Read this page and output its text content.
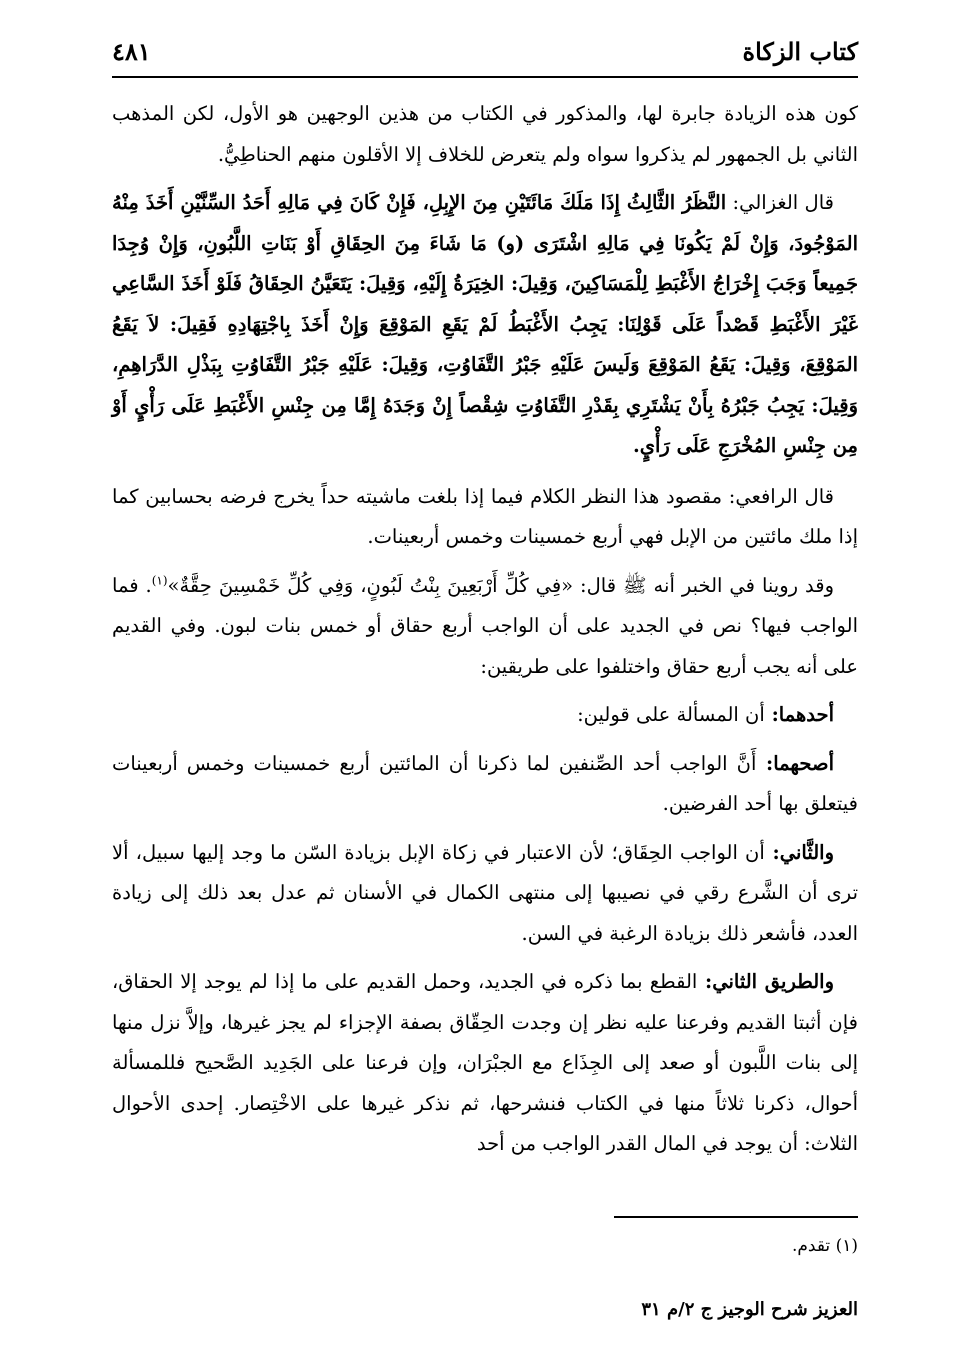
كتاب الزكاة
٤٨١

كون هذه الزيادة جابرة لها، والمذكور في الكتاب من هذين الوجهين هو الأول، لكن المذهب الثاني بل الجمهور لم يذكروا سواه ولم يتعرض للخلاف إلا الأقلون منهم الحناطِيُّ.

قال الغزالي: النَّظَرُ الثَّالِثُ إِذَا مَلَكَ مَائَتَيْنِ مِنَ الإِبِلِ، فَإِنْ كَانَ فِي مَالِهِ أَحَدُ السِّنَّيْنِ أَخَذَ مِنْهُ المَوْجُودَ، وَإِنْ لَمْ يَكُونَا فِي مَالِهِ اشْتَرَى (و) مَا شَاءَ مِنَ الحِقَاقِ أَوْ بَنَاتِ اللَّبُونِ، وَإِنْ وُجِدَا جَمِيعاً وَجَبَ إِخْرَاجُ الأَغْبَطِ لِلْمَسَاكِينَ، وَقِيلَ: الخِيَرَةُ إِلَيْهِ، وَقِيلَ: يَتَعَيَّنُ الحِقَاقُ فَلَوْ أَخَذَ السَّاعِي غَيْرَ الأَغْبَطِ قَصْداً عَلَى قَوْلِنَا: يَجِبُ الأَغْبَطُ لَمْ يَقَعِ المَوْقِعَ وَإِنْ أَخَذَ بِاجْتِهَادِهِ فَقِيلَ: لاَ يَقَعُ المَوْقِعَ، وَقِيلَ: يَقَعُ المَوْقِعَ وَلَيسَ عَلَيْهِ جَبْرُ التَّفَاوُتِ، وَقِيلَ: عَلَيْهِ جَبْرُ التَّفَاوُتِ بِبَذْلِ الدَّرَاهِمِ، وَقِيلَ: يَجِبُ جَبْرُهُ بِأَنْ يَشْتَرِي بِقَدْرِ التَّفَاوُتِ شِقْصاً إِنْ وَجَدَهُ إِمَّا مِن جِنْسِ الأَغْبَطِ عَلَى رَأْيٍ أَوْ مِن جِنْسِ المُخْرَجِ عَلَى رَأْيٍ.

قال الرافعي: مقصود هذا النظر الكلام فيما إذا بلغت ماشيته حداً يخرج فرضه بحسابين كما إذا ملك مائتين من الإبل فهي أربع خمسينات وخمس أربعينات.

وقد روينا في الخبر أنه ﷺ قال: «فِي كُلِّ أَرْبَعِينَ بِنْتُ لَبُونٍ، وَفِي كُلِّ خَمْسِينَ حِقَّةٌ»$^{(١)}$. فما الواجب فيها؟ نص في الجديد على أن الواجب أربع حقاق أو خمس بنات لبون. وفي القديم على أنه يجب أربع حقاق واختلفوا على طريقين:

أحدهما: أن المسألة على قولين:

أصحهما: أَنَّ الواجب أحد الصِّنفين لما ذكرنا أن المائتين أربع خمسينات وخمس أربعينات فيتعلق بها أحد الفرضين.

والثَّاني: أن الواجب الحِقَاق؛ لأن الاعتبار في زكاة الإبل بزيادة السّن ما وجد إليها سبيل، ألا ترى أن الشَّرع رقي في نصيبها إلى منتهى الكمال في الأسنان ثم عدل بعد ذلك إلى زيادة العدد، فأشعر ذلك بزيادة الرغبة في السن.

والطريق الثاني: القطع بما ذكره في الجديد، وحمل القديم على ما إذا لم يوجد إلا الحقاق، فإن أثبتا القديم وفرعنا عليه نظر إن وجدت الحِقّاق بصفة الإجزاء لم يجز غيرها، وإلاَّ نزل منها إلى بنات اللَّبون أو صعد إلى الجِذَاع مع الجبْرَان، وإن فرعنا على الجَدِيد الصَّحيح فللمسألة أحوال، ذكرنا ثلاثاً منها في الكتاب فنشرحها، ثم نذكر غيرها على الاخْتِصار. إحدى الأحوال الثلاث: أن يوجد في المال القدر الواجب من أحد

(١) تقدم.
العزيز شرح الوجيز ج ٢/م ٣١
